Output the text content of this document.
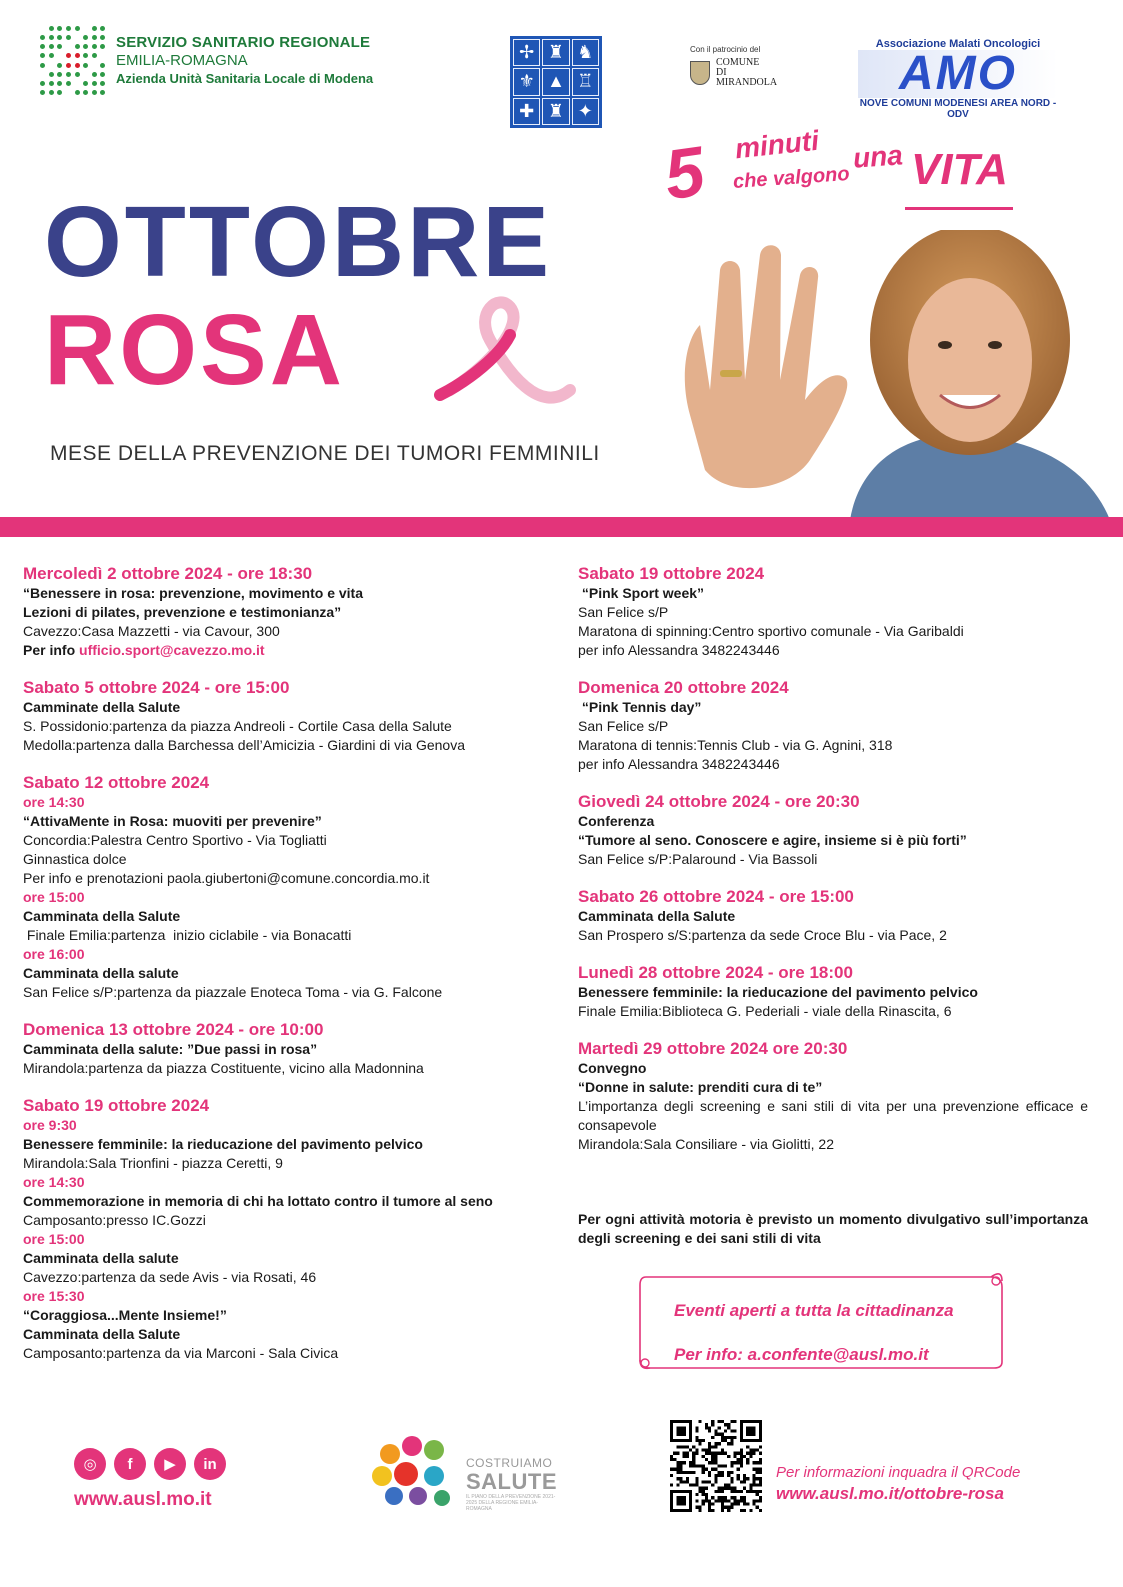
SERVIZIO SANITARIO REGIONALE
EMILIA-ROMAGNA
Azienda Unità Sanitaria Locale di Modena
✢ ♜ ♞
⚜ ▲ ♖
✚ ♜ ✦
Con il patrocinio del
COMUNE
DI
MIRANDOLA
Associazione Malati Oncologici
AMO
NOVE COMUNI MODENESI AREA NORD - ODV
5 minuti
che valgono
una VITA
OTTOBRE
ROSA
MESE DELLA PREVENZIONE DEI TUMORI FEMMINILI
Mercoledì 2 ottobre 2024 - ore 18:30
“Benessere in rosa: prevenzione, movimento e vita
Lezioni di pilates, prevenzione e testimonianza”
Cavezzo:Casa Mazzetti - via Cavour, 300
Per info ufficio.sport@cavezzo.mo.it
Sabato 5 ottobre 2024 - ore 15:00
Camminate della Salute
S. Possidonio:partenza da piazza Andreoli - Cortile Casa della Salute
Medolla:partenza dalla Barchessa dell’Amicizia - Giardini di via Genova
Sabato 12 ottobre 2024
ore 14:30
“AttivaMente in Rosa: muoviti per prevenire”
Concordia:Palestra Centro Sportivo - Via Togliatti
Ginnastica dolce
Per info e prenotazioni paola.giubertoni@comune.concordia.mo.it
ore 15:00
Camminata della Salute
Finale Emilia:partenza  inizio ciclabile - via Bonacatti
ore 16:00
Camminata della salute
San Felice s/P:partenza da piazzale Enoteca Toma - via G. Falcone
Domenica 13 ottobre 2024 - ore 10:00
Camminata della salute: ”Due passi in rosa”
Mirandola:partenza da piazza Costituente, vicino alla Madonnina
Sabato 19 ottobre 2024
ore 9:30
Benessere femminile: la rieducazione del pavimento pelvico
Mirandola:Sala Trionfini - piazza Ceretti, 9
ore 14:30
Commemorazione in memoria di chi ha lottato contro il tumore al seno
Camposanto:presso IC.Gozzi
ore 15:00
Camminata della salute
Cavezzo:partenza da sede Avis - via Rosati, 46
ore 15:30
“Coraggiosa...Mente Insieme!”
Camminata della Salute
Camposanto:partenza da via Marconi - Sala Civica
Sabato 19 ottobre 2024
“Pink Sport week”
San Felice s/P
Maratona di spinning:Centro sportivo comunale - Via Garibaldi
per info Alessandra 3482243446
Domenica 20 ottobre 2024
“Pink Tennis day”
San Felice s/P
Maratona di tennis:Tennis Club - via G. Agnini, 318
per info Alessandra 3482243446
Giovedì 24 ottobre 2024 - ore 20:30
Conferenza
“Tumore al seno. Conoscere e agire, insieme si è più forti”
San Felice s/P:Palaround - Via Bassoli
Sabato 26 ottobre 2024 - ore 15:00
Camminata della Salute
San Prospero s/S:partenza da sede Croce Blu - via Pace, 2
Lunedì 28 ottobre 2024 - ore 18:00
Benessere femminile: la rieducazione del pavimento pelvico
Finale Emilia:Biblioteca G. Pederiali - viale della Rinascita, 6
Martedì 29 ottobre 2024 ore 20:30
Convegno
“Donne in salute: prenditi cura di te”
L’importanza degli screening e sani stili di vita per una prevenzione efficace e consapevole
Mirandola:Sala Consiliare - via Giolitti, 22
Per ogni attività motoria è previsto un momento divulgativo sull’importanza degli screening e dei sani stili di vita
Eventi aperti a tutta la cittadinanza
Per info: a.confente@ausl.mo.it
◎	f	▶	in
www.ausl.mo.it
COSTRUIAMO
SALUTE
IL PIANO DELLA PREVENZIONE 2021-2025 DELLA REGIONE EMILIA-ROMAGNA
Per informazioni inquadra il QRCode
www.ausl.mo.it/ottobre-rosa
